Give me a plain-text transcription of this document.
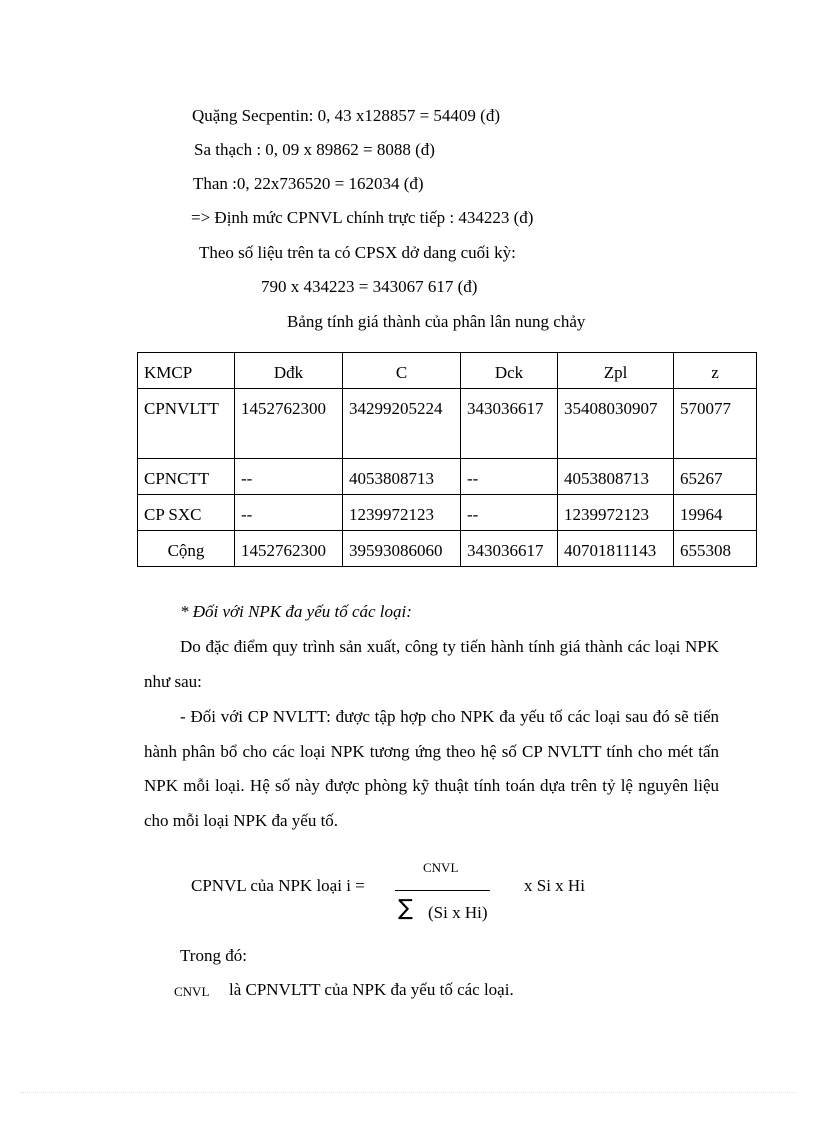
Quặng Secpentin: 0, 43 x128857 = 54409 (đ)
Sa thạch : 0, 09 x 89862 = 8088 (đ)
Than :0, 22x736520 = 162034 (đ)
=> Định mức CPNVL chính trực tiếp : 434223 (đ)
Theo số liệu trên ta có CPSX dở dang cuối kỳ:
790 x 434223 = 343067 617 (đ)
Bảng tính giá thành của phân lân nung chảy
KMCP	Dđk	C	Dck	Zpl	z
CPNVLTT	1452762300	34299205224	343036617	35408030907	570077
CPNCTT	--	4053808713	--	4053808713	65267
CP SXC	--	1239972123	--	1239972123	19964
Cộng	1452762300	39593086060	343036617	40701811143	655308
* Đối với NPK đa yếu tố các loại:
Do đặc điểm quy trình sản xuất, công ty tiến hành tính giá thành các loại NPK như sau:
- Đối với CP NVLTT: được tập hợp cho NPK đa yếu tố các loại sau đó sẽ tiến hành phân bổ cho các loại NPK tương ứng theo hệ số CP NVLTT tính cho mét tấn NPK mỗi loại. Hệ số này được phòng kỹ thuật tính toán dựa trên tỷ lệ nguyên liệu cho mỗi loại NPK đa yếu tố.
CPNVL của NPK loại i =
CNVL
∑ (Si x Hi)
x Si x Hi
Trong đó:
CNVL là CPNVLTT của NPK đa yếu tố các loại.
